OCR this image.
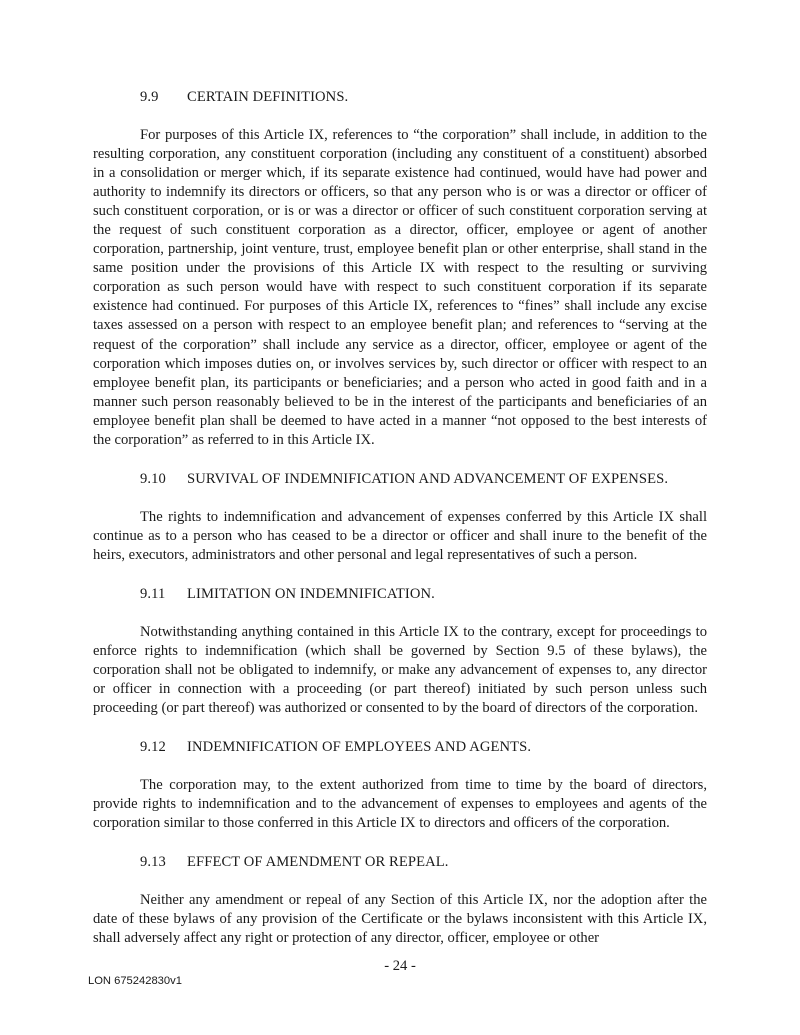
9.9 CERTAIN DEFINITIONS.

For purposes of this Article IX, references to “the corporation” shall include, in addition to the resulting corporation, any constituent corporation (including any constituent of a constituent) absorbed in a consolidation or merger which, if its separate existence had continued, would have had power and authority to indemnify its directors or officers, so that any person who is or was a director or officer of such constituent corporation, or is or was a director or officer of such constituent corporation serving at the request of such constituent corporation as a director, officer, employee or agent of another corporation, partnership, joint venture, trust, employee benefit plan or other enterprise, shall stand in the same position under the provisions of this Article IX with respect to the resulting or surviving corporation as such person would have with respect to such constituent corporation if its separate existence had continued. For purposes of this Article IX, references to “fines” shall include any excise taxes assessed on a person with respect to an employee benefit plan; and references to “serving at the request of the corporation” shall include any service as a director, officer, employee or agent of the corporation which imposes duties on, or involves services by, such director or officer with respect to an employee benefit plan, its participants or beneficiaries; and a person who acted in good faith and in a manner such person reasonably believed to be in the interest of the participants and beneficiaries of an employee benefit plan shall be deemed to have acted in a manner “not opposed to the best interests of the corporation” as referred to in this Article IX.

9.10 SURVIVAL OF INDEMNIFICATION AND ADVANCEMENT OF EXPENSES.

The rights to indemnification and advancement of expenses conferred by this Article IX shall continue as to a person who has ceased to be a director or officer and shall inure to the benefit of the heirs, executors, administrators and other personal and legal representatives of such a person.

9.11 LIMITATION ON INDEMNIFICATION.

Notwithstanding anything contained in this Article IX to the contrary, except for proceedings to enforce rights to indemnification (which shall be governed by Section 9.5 of these bylaws), the corporation shall not be obligated to indemnify, or make any advancement of expenses to, any director or officer in connection with a proceeding (or part thereof) initiated by such person unless such proceeding (or part thereof) was authorized or consented to by the board of directors of the corporation.

9.12 INDEMNIFICATION OF EMPLOYEES AND AGENTS.

The corporation may, to the extent authorized from time to time by the board of directors, provide rights to indemnification and to the advancement of expenses to employees and agents of the corporation similar to those conferred in this Article IX to directors and officers of the corporation.

9.13 EFFECT OF AMENDMENT OR REPEAL.

Neither any amendment or repeal of any Section of this Article IX, nor the adoption after the date of these bylaws of any provision of the Certificate or the bylaws inconsistent with this Article IX, shall adversely affect any right or protection of any director, officer, employee or other

- 24 -
LON 675242830v1
